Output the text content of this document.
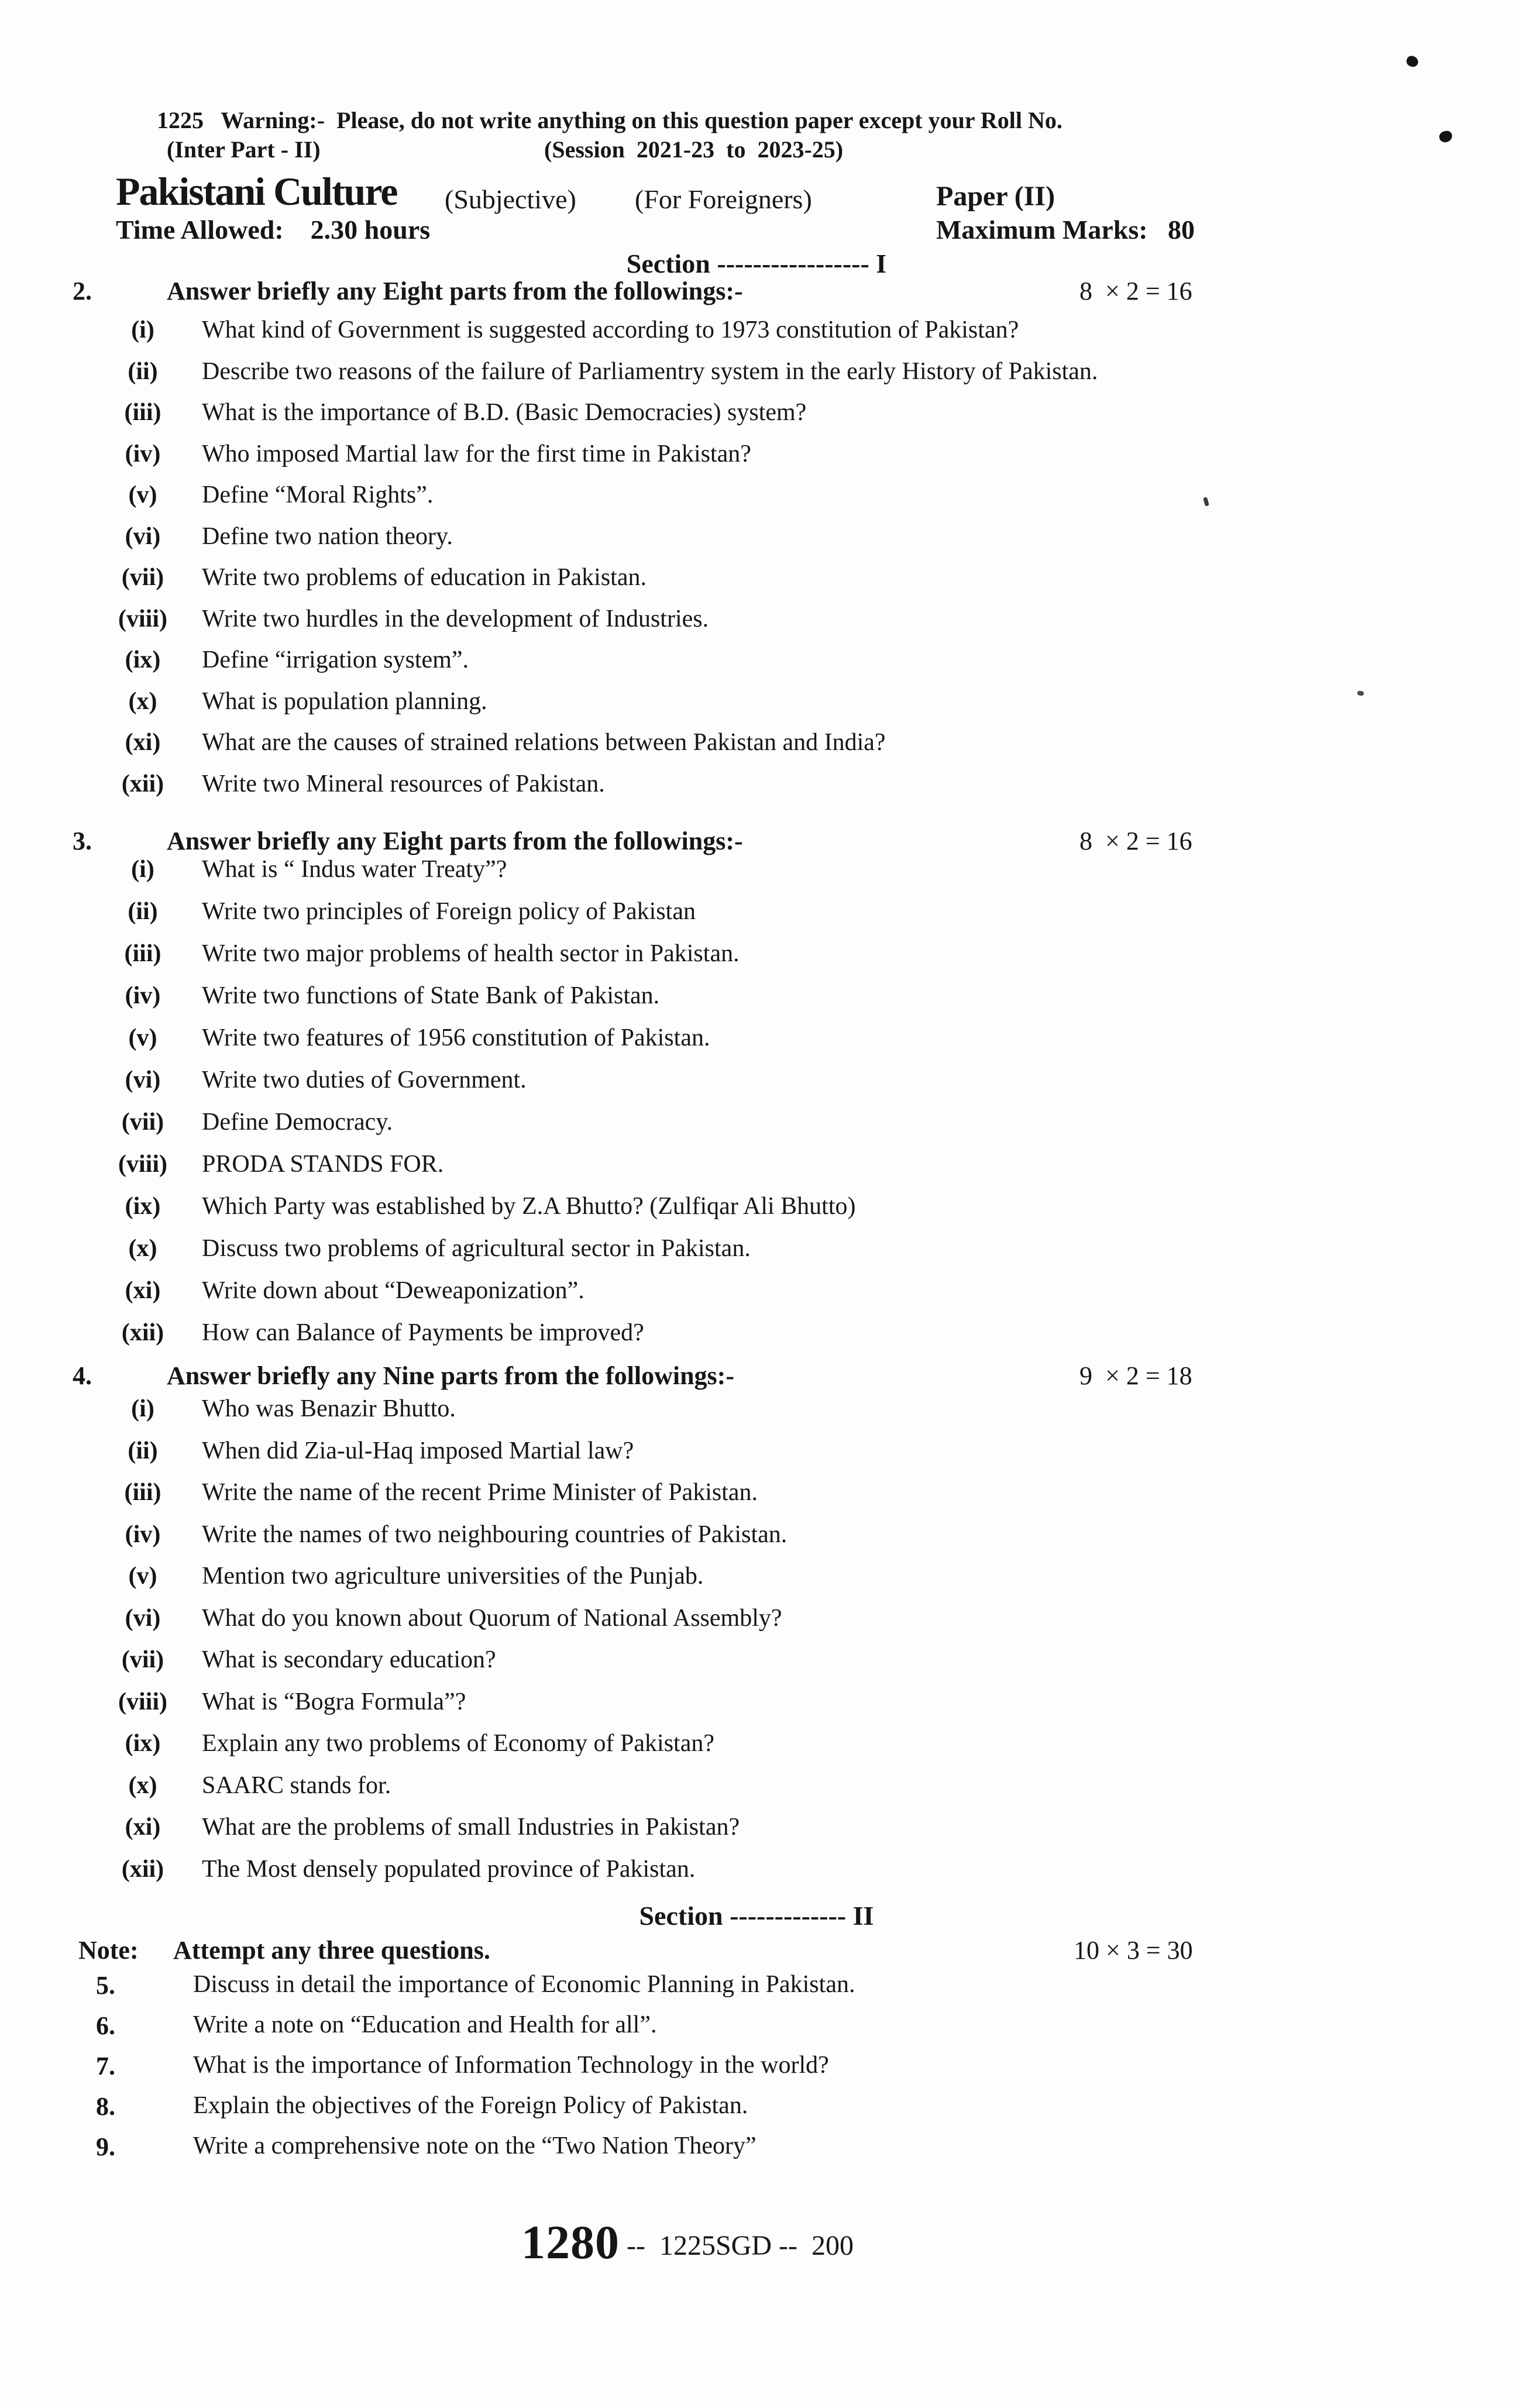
1225   Warning:-  Please, do not write anything on this question paper except your Roll No.
(Inter Part - II)	(Session  2021-23  to  2023-25)
Pakistani Culture (Subjective) (For Foreigners)	Paper (II)
Time Allowed:    2.30 hours	Maximum Marks:   80
Section ----------------- I
2.	Answer briefly any Eight parts from the followings:-	8  × 2 = 16
(i)	What kind of Government is suggested according to 1973 constitution of Pakistan?
(ii)	Describe two reasons of the failure of Parliamentry system in the early History of Pakistan.
(iii)	What is the importance of B.D. (Basic Democracies) system?
(iv)	Who imposed Martial law for the first time in Pakistan?
(v)	Define “Moral Rights”.
(vi)	Define two nation theory.
(vii)	Write two problems of education in Pakistan.
(viii)	Write two hurdles in the development of Industries.
(ix)	Define “irrigation system”.
(x)	What is population planning.
(xi)	What are the causes of strained relations between Pakistan and India?
(xii)	Write two Mineral resources of Pakistan.
3.	Answer briefly any Eight parts from the followings:-	8  × 2 = 16
(i)	What is “ Indus water Treaty”?
(ii)	Write two principles of Foreign policy of Pakistan
(iii)	Write two major problems of health sector in Pakistan.
(iv)	Write two functions of State Bank of Pakistan.
(v)	Write two features of 1956 constitution of Pakistan.
(vi)	Write two duties of Government.
(vii)	Define Democracy.
(viii)	PRODA STANDS FOR.
(ix)	Which Party was established by Z.A Bhutto? (Zulfiqar Ali Bhutto)
(x)	Discuss two problems of agricultural sector in Pakistan.
(xi)	Write down about “Deweaponization”.
(xii)	How can Balance of Payments be improved?
4.	Answer briefly any Nine parts from the followings:-	9  × 2 = 18
(i)	Who was Benazir Bhutto.
(ii)	When did Zia-ul-Haq imposed Martial law?
(iii)	Write the name of the recent Prime Minister of Pakistan.
(iv)	Write the names of two neighbouring countries of Pakistan.
(v)	Mention two agriculture universities of the Punjab.
(vi)	What do you known about Quorum of National Assembly?
(vii)	What is secondary education?
(viii)	What is “Bogra Formula”?
(ix)	Explain any two problems of Economy of Pakistan?
(x)	SAARC stands for.
(xi)	What are the problems of small Industries in Pakistan?
(xii)	The Most densely populated province of Pakistan.
Section ------------- II
Note: Attempt any three questions.	10 × 3 = 30
5.	Discuss in detail the importance of Economic Planning in Pakistan.
6.	Write a note on “Education and Health for all”.
7.	What is the importance of Information Technology in the world?
8.	Explain the objectives of the Foreign Policy of Pakistan.
9.	Write a comprehensive note on the “Two Nation Theory”
1280 --  1225SGD --  200
